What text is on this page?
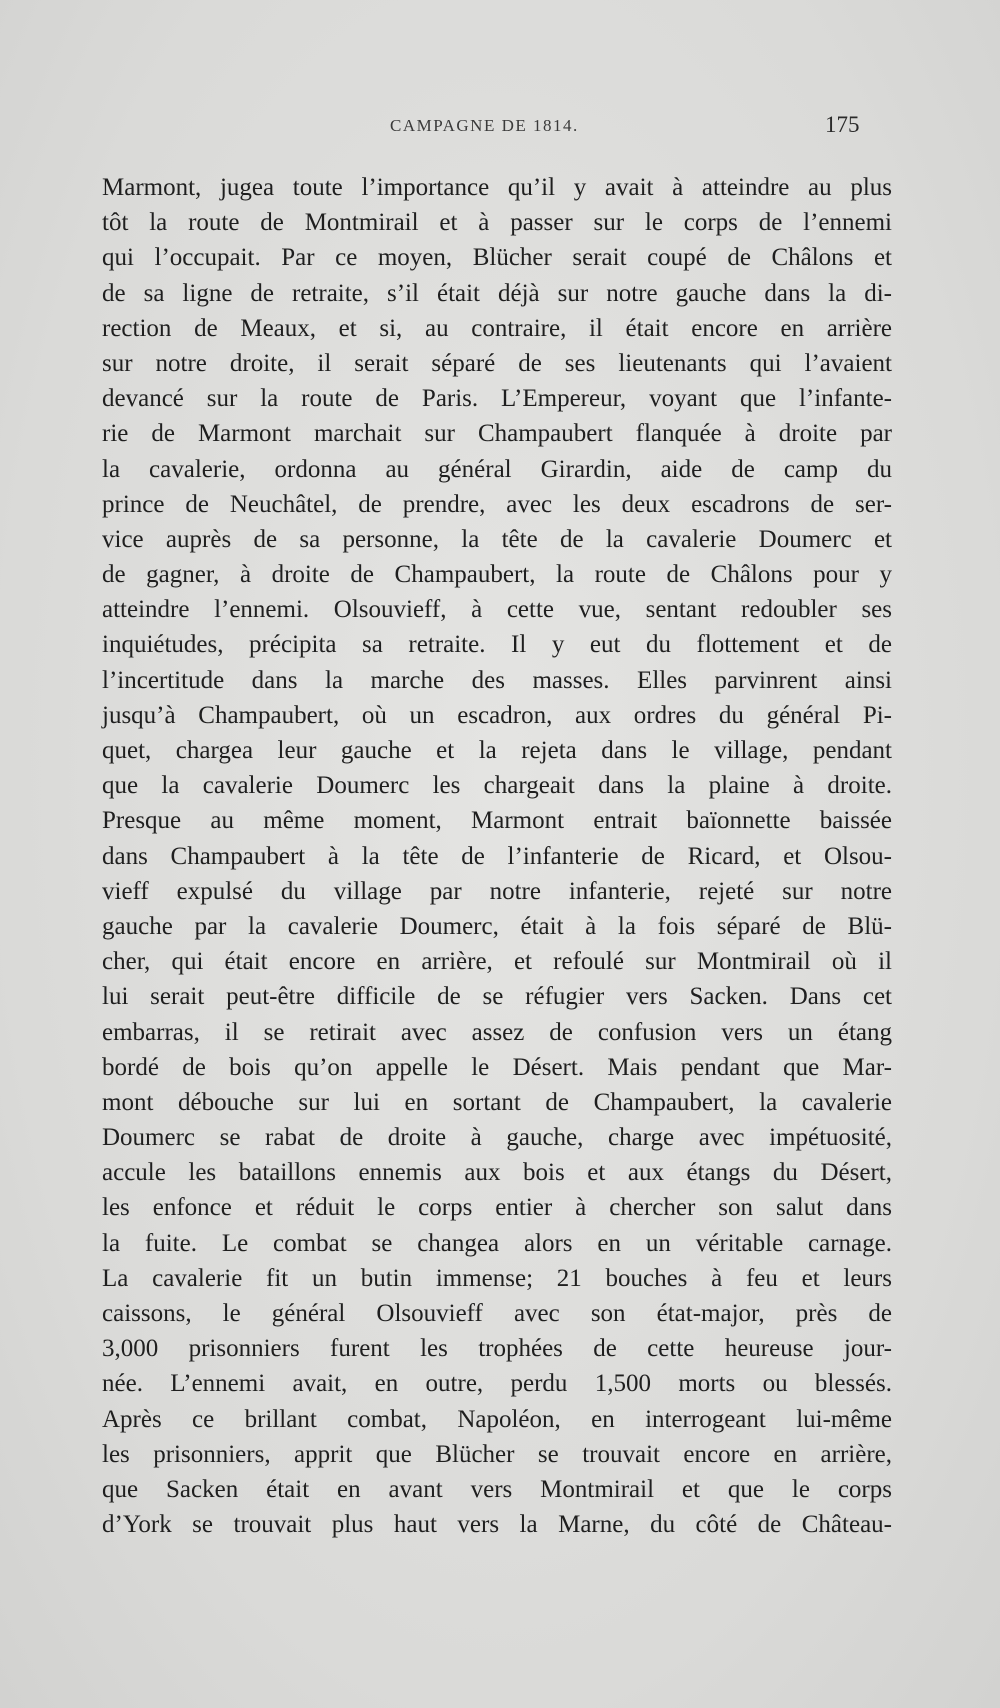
CAMPAGNE DE 1814.	175
Marmont, jugea toute l’importance qu’il y avait à atteindre au plus
tôt la route de Montmirail et à passer sur le corps de l’ennemi
qui l’occupait. Par ce moyen, Blücher serait coupé de Châlons et
de sa ligne de retraite, s’il était déjà sur notre gauche dans la di-
rection de Meaux, et si, au contraire, il était encore en arrière
sur notre droite, il serait séparé de ses lieutenants qui l’avaient
devancé sur la route de Paris. L’Empereur, voyant que l’infante-
rie de Marmont marchait sur Champaubert flanquée à droite par
la cavalerie, ordonna au général Girardin, aide de camp du
prince de Neuchâtel, de prendre, avec les deux escadrons de ser-
vice auprès de sa personne, la tête de la cavalerie Doumerc et
de gagner, à droite de Champaubert, la route de Châlons pour y
atteindre l’ennemi. Olsouvieff, à cette vue, sentant redoubler ses
inquiétudes, précipita sa retraite. Il y eut du flottement et de
l’incertitude dans la marche des masses. Elles parvinrent ainsi
jusqu’à Champaubert, où un escadron, aux ordres du général Pi-
quet, chargea leur gauche et la rejeta dans le village, pendant
que la cavalerie Doumerc les chargeait dans la plaine à droite.
Presque au même moment, Marmont entrait baïonnette baissée
dans Champaubert à la tête de l’infanterie de Ricard, et Olsou-
vieff expulsé du village par notre infanterie, rejeté sur notre
gauche par la cavalerie Doumerc, était à la fois séparé de Blü-
cher, qui était encore en arrière, et refoulé sur Montmirail où il
lui serait peut-être difficile de se réfugier vers Sacken. Dans cet
embarras, il se retirait avec assez de confusion vers un étang
bordé de bois qu’on appelle le Désert. Mais pendant que Mar-
mont débouche sur lui en sortant de Champaubert, la cavalerie
Doumerc se rabat de droite à gauche, charge avec impétuosité,
accule les bataillons ennemis aux bois et aux étangs du Désert,
les enfonce et réduit le corps entier à chercher son salut dans
la fuite. Le combat se changea alors en un véritable carnage.
La cavalerie fit un butin immense; 21 bouches à feu et leurs
caissons, le général Olsouvieff avec son état-major, près de
3,000 prisonniers furent les trophées de cette heureuse jour-
née. L’ennemi avait, en outre, perdu 1,500 morts ou blessés.
Après ce brillant combat, Napoléon, en interrogeant lui-même
les prisonniers, apprit que Blücher se trouvait encore en arrière,
que Sacken était en avant vers Montmirail et que le corps
d’York se trouvait plus haut vers la Marne, du côté de Château-
